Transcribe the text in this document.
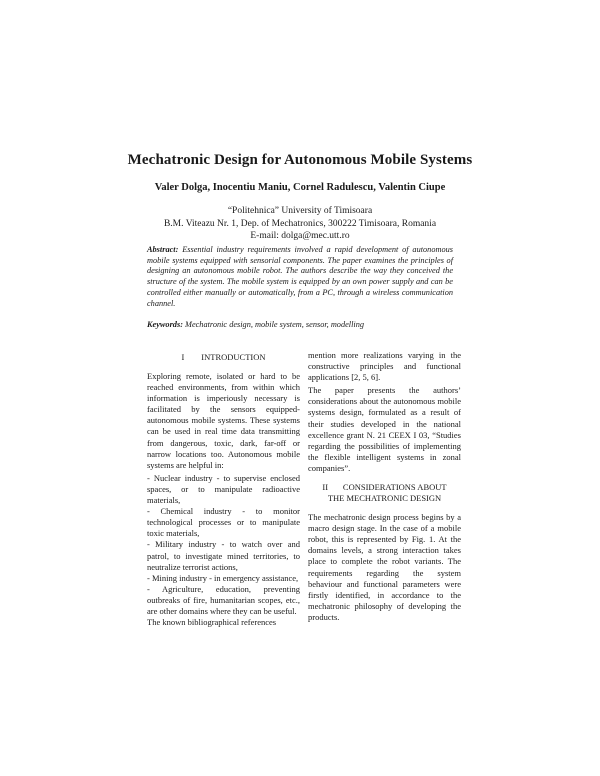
Mechatronic Design for Autonomous Mobile Systems
Valer Dolga, Inocentiu Maniu, Cornel Radulescu, Valentin Ciupe
“Politehnica” University of Timisoara
B.M. Viteazu Nr. 1, Dep. of Mechatronics, 300222 Timisoara, Romania
E-mail: dolga@mec.utt.ro
Abstract: Essential industry requirements involved a rapid development of autonomous mobile systems equipped with sensorial components. The paper examines the principles of designing an autonomous mobile robot. The authors describe the way they conceived the structure of the system. The mobile system is equipped by an own power supply and can be controlled either manually or automatically, from a PC, through a wireless communication channel.
Keywords: Mechatronic design, mobile system, sensor, modelling
I        INTRODUCTION
Exploring remote, isolated or hard to be reached environments, from within which information is imperiously necessary is facilitated by the sensors equipped- autonomous mobile systems. These systems can be used in real time data transmitting from dangerous, toxic, dark, far-off or narrow locations too. Autonomous mobile systems are helpful in:
- Nuclear industry - to supervise enclosed spaces, or to manipulate radioactive materials,
- Chemical industry - to monitor technological processes or to manipulate toxic materials,
- Military industry - to watch over and patrol, to investigate mined territories, to neutralize terrorist actions,
- Mining industry - in emergency assistance,
- Agriculture, education, preventing outbreaks of fire, humanitarian scopes, etc., are other domains where they can be useful.
The known bibliographical references
mention more realizations varying in the constructive principles and functional applications [2, 5, 6].
The paper presents the authors’ considerations about the autonomous mobile systems design, formulated as a result of their studies developed in the national excellence grant N. 21 CEEX I 03, “Studies regarding the possibilities of implementing the flexible intelligent systems in zonal companies”.
II       CONSIDERATIONS ABOUT
THE MECHATRONIC DESIGN
The mechatronic design process begins by a macro design stage. In the case of a mobile robot, this is represented by Fig. 1. At the domains levels, a strong interaction takes place to complete the robot variants. The requirements regarding the system behaviour and functional parameters were firstly identified, in accordance to the mechatronic philosophy of developing the products.
